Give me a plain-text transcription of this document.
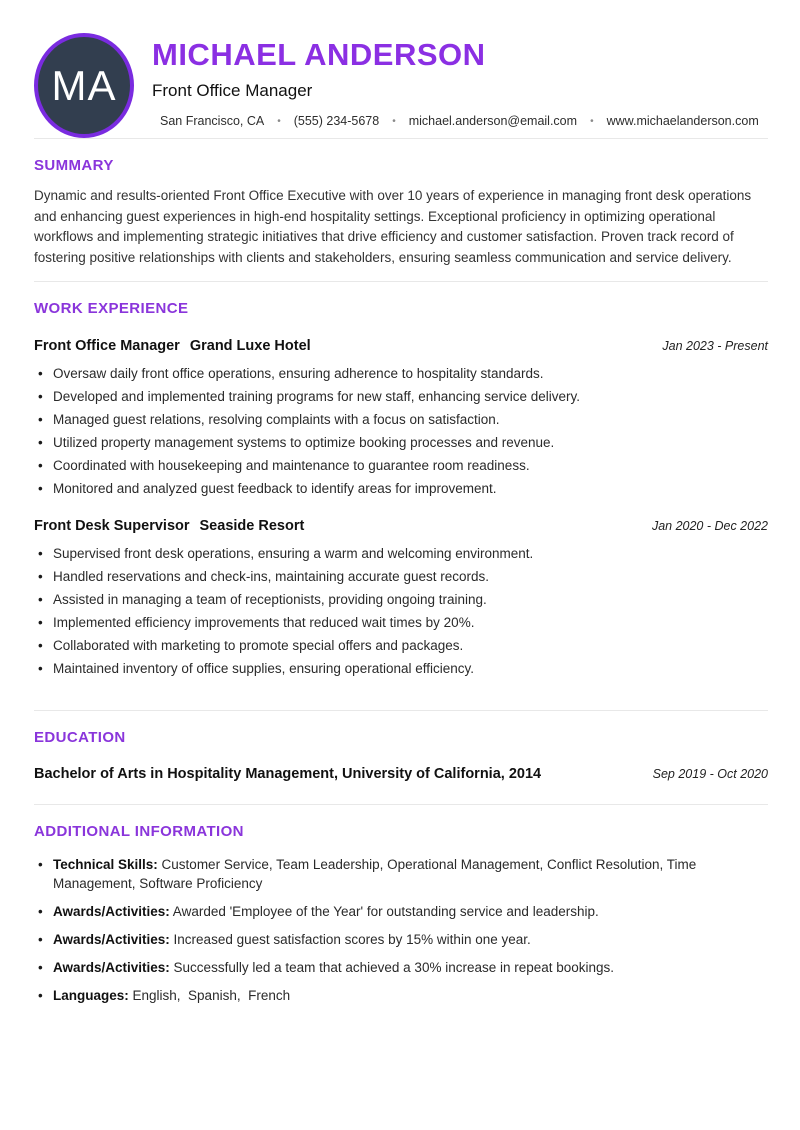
MA
MICHAEL ANDERSON
Front Office Manager
San Francisco, CA • (555) 234-5678 • michael.anderson@email.com • www.michaelanderson.com
SUMMARY

Dynamic and results-oriented Front Office Executive with over 10 years of experience in managing front desk operations and enhancing guest experiences in high-end hospitality settings. Exceptional proficiency in optimizing operational workflows and implementing strategic initiatives that drive efficiency and customer satisfaction. Proven track record of fostering positive relationships with clients and stakeholders, ensuring seamless communication and service delivery.

WORK EXPERIENCE
Front Office Manager Grand Luxe Hotel	Jan 2023 - Present
• Oversaw daily front office operations, ensuring adherence to hospitality standards.
• Developed and implemented training programs for new staff, enhancing service delivery.
• Managed guest relations, resolving complaints with a focus on satisfaction.
• Utilized property management systems to optimize booking processes and revenue.
• Coordinated with housekeeping and maintenance to guarantee room readiness.
• Monitored and analyzed guest feedback to identify areas for improvement.
Front Desk Supervisor Seaside Resort	Jan 2020 - Dec 2022
• Supervised front desk operations, ensuring a warm and welcoming environment.
• Handled reservations and check-ins, maintaining accurate guest records.
• Assisted in managing a team of receptionists, providing ongoing training.
• Implemented efficiency improvements that reduced wait times by 20%.
• Collaborated with marketing to promote special offers and packages.
• Maintained inventory of office supplies, ensuring operational efficiency.
EDUCATION
Bachelor of Arts in Hospitality Management, University of California, 2014	Sep 2019 - Oct 2020
ADDITIONAL INFORMATION
• Technical Skills: Customer Service, Team Leadership, Operational Management, Conflict Resolution, Time Management, Software Proficiency
• Awards/Activities: Awarded 'Employee of the Year' for outstanding service and leadership.
• Awards/Activities: Increased guest satisfaction scores by 15% within one year.
• Awards/Activities: Successfully led a team that achieved a 30% increase in repeat bookings.
• Languages: English,  Spanish,  French
